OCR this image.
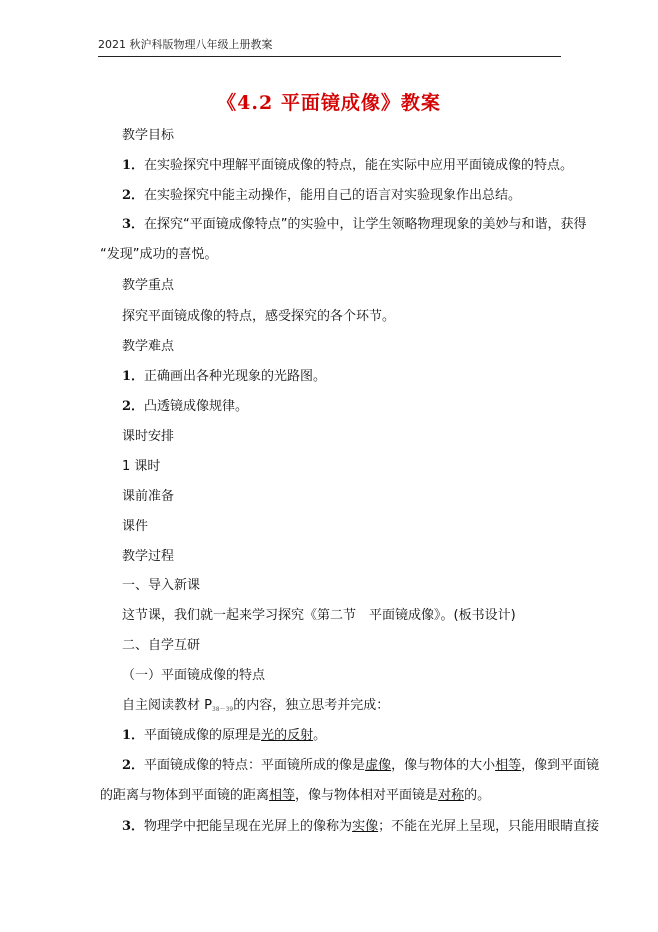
2021 秋沪科版物理八年级上册教案
《4.2 平面镜成像》教案
教学目标
1．在实验探究中理解平面镜成像的特点，能在实际中应用平面镜成像的特点。
2．在实验探究中能主动操作，能用自己的语言对实验现象作出总结。
3．在探究“平面镜成像特点”的实验中，让学生领略物理现象的美妙与和谐，获得
“发现”成功的喜悦。
教学重点
探究平面镜成像的特点，感受探究的各个环节。
教学难点
1．正确画出各种光现象的光路图。
2．凸透镜成像规律。
课时安排
1 课时
课前准备
课件
教学过程
一、导入新课
这节课，我们就一起来学习探究《第二节　平面镜成像》。(板书设计)
二、自学互研
（一）平面镜成像的特点
自主阅读教材 $P_{38\sim 39}$的内容，独立思考并完成：
1．平面镜成像的原理是光的反射。
2．平面镜成像的特点：平面镜所成的像是虚像，像与物体的大小相等，像到平面镜
的距离与物体到平面镜的距离相等，像与物体相对平面镜是对称的。
3．物理学中把能呈现在光屏上的像称为实像；不能在光屏上呈现，只能用眼睛直接
